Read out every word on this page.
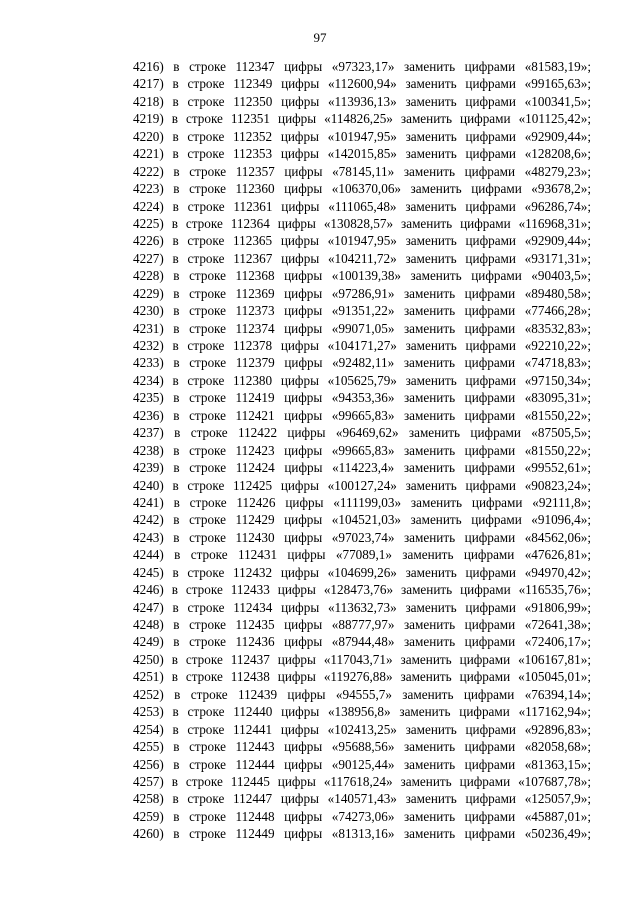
97
4216) в строке 112347 цифры «97323,17» заменить цифрами «81583,19»;
4217) в строке 112349 цифры «112600,94» заменить цифрами «99165,63»;
4218) в строке 112350 цифры «113936,13» заменить цифрами «100341,5»;
4219) в строке 112351 цифры «114826,25» заменить цифрами «101125,42»;
4220) в строке 112352 цифры «101947,95» заменить цифрами «92909,44»;
4221) в строке 112353 цифры «142015,85» заменить цифрами «128208,6»;
4222) в строке 112357 цифры «78145,11» заменить цифрами «48279,23»;
4223) в строке 112360 цифры «106370,06» заменить цифрами «93678,2»;
4224) в строке 112361 цифры «111065,48» заменить цифрами «96286,74»;
4225) в строке 112364 цифры «130828,57» заменить цифрами «116968,31»;
4226) в строке 112365 цифры «101947,95» заменить цифрами «92909,44»;
4227) в строке 112367 цифры «104211,72» заменить цифрами «93171,31»;
4228) в строке 112368 цифры «100139,38» заменить цифрами «90403,5»;
4229) в строке 112369 цифры «97286,91» заменить цифрами «89480,58»;
4230) в строке 112373 цифры «91351,22» заменить цифрами «77466,28»;
4231) в строке 112374 цифры «99071,05» заменить цифрами «83532,83»;
4232) в строке 112378 цифры «104171,27» заменить цифрами «92210,22»;
4233) в строке 112379 цифры «92482,11» заменить цифрами «74718,83»;
4234) в строке 112380 цифры «105625,79» заменить цифрами «97150,34»;
4235) в строке 112419 цифры «94353,36» заменить цифрами «83095,31»;
4236) в строке 112421 цифры «99665,83» заменить цифрами «81550,22»;
4237) в строке 112422 цифры «96469,62» заменить цифрами «87505,5»;
4238) в строке 112423 цифры «99665,83» заменить цифрами «81550,22»;
4239) в строке 112424 цифры «114223,4» заменить цифрами «99552,61»;
4240) в строке 112425 цифры «100127,24» заменить цифрами «90823,24»;
4241) в строке 112426 цифры «111199,03» заменить цифрами «92111,8»;
4242) в строке 112429 цифры «104521,03» заменить цифрами «91096,4»;
4243) в строке 112430 цифры «97023,74» заменить цифрами «84562,06»;
4244) в строке 112431 цифры «77089,1» заменить цифрами «47626,81»;
4245) в строке 112432 цифры «104699,26» заменить цифрами «94970,42»;
4246) в строке 112433 цифры «128473,76» заменить цифрами «116535,76»;
4247) в строке 112434 цифры «113632,73» заменить цифрами «91806,99»;
4248) в строке 112435 цифры «88777,97» заменить цифрами «72641,38»;
4249) в строке 112436 цифры «87944,48» заменить цифрами «72406,17»;
4250) в строке 112437 цифры «117043,71» заменить цифрами «106167,81»;
4251) в строке 112438 цифры «119276,88» заменить цифрами «105045,01»;
4252) в строке 112439 цифры «94555,7» заменить цифрами «76394,14»;
4253) в строке 112440 цифры «138956,8» заменить цифрами «117162,94»;
4254) в строке 112441 цифры «102413,25» заменить цифрами «92896,83»;
4255) в строке 112443 цифры «95688,56» заменить цифрами «82058,68»;
4256) в строке 112444 цифры «90125,44» заменить цифрами «81363,15»;
4257) в строке 112445 цифры «117618,24» заменить цифрами «107687,78»;
4258) в строке 112447 цифры «140571,43» заменить цифрами «125057,9»;
4259) в строке 112448 цифры «74273,06» заменить цифрами «45887,01»;
4260) в строке 112449 цифры «81313,16» заменить цифрами «50236,49»;
